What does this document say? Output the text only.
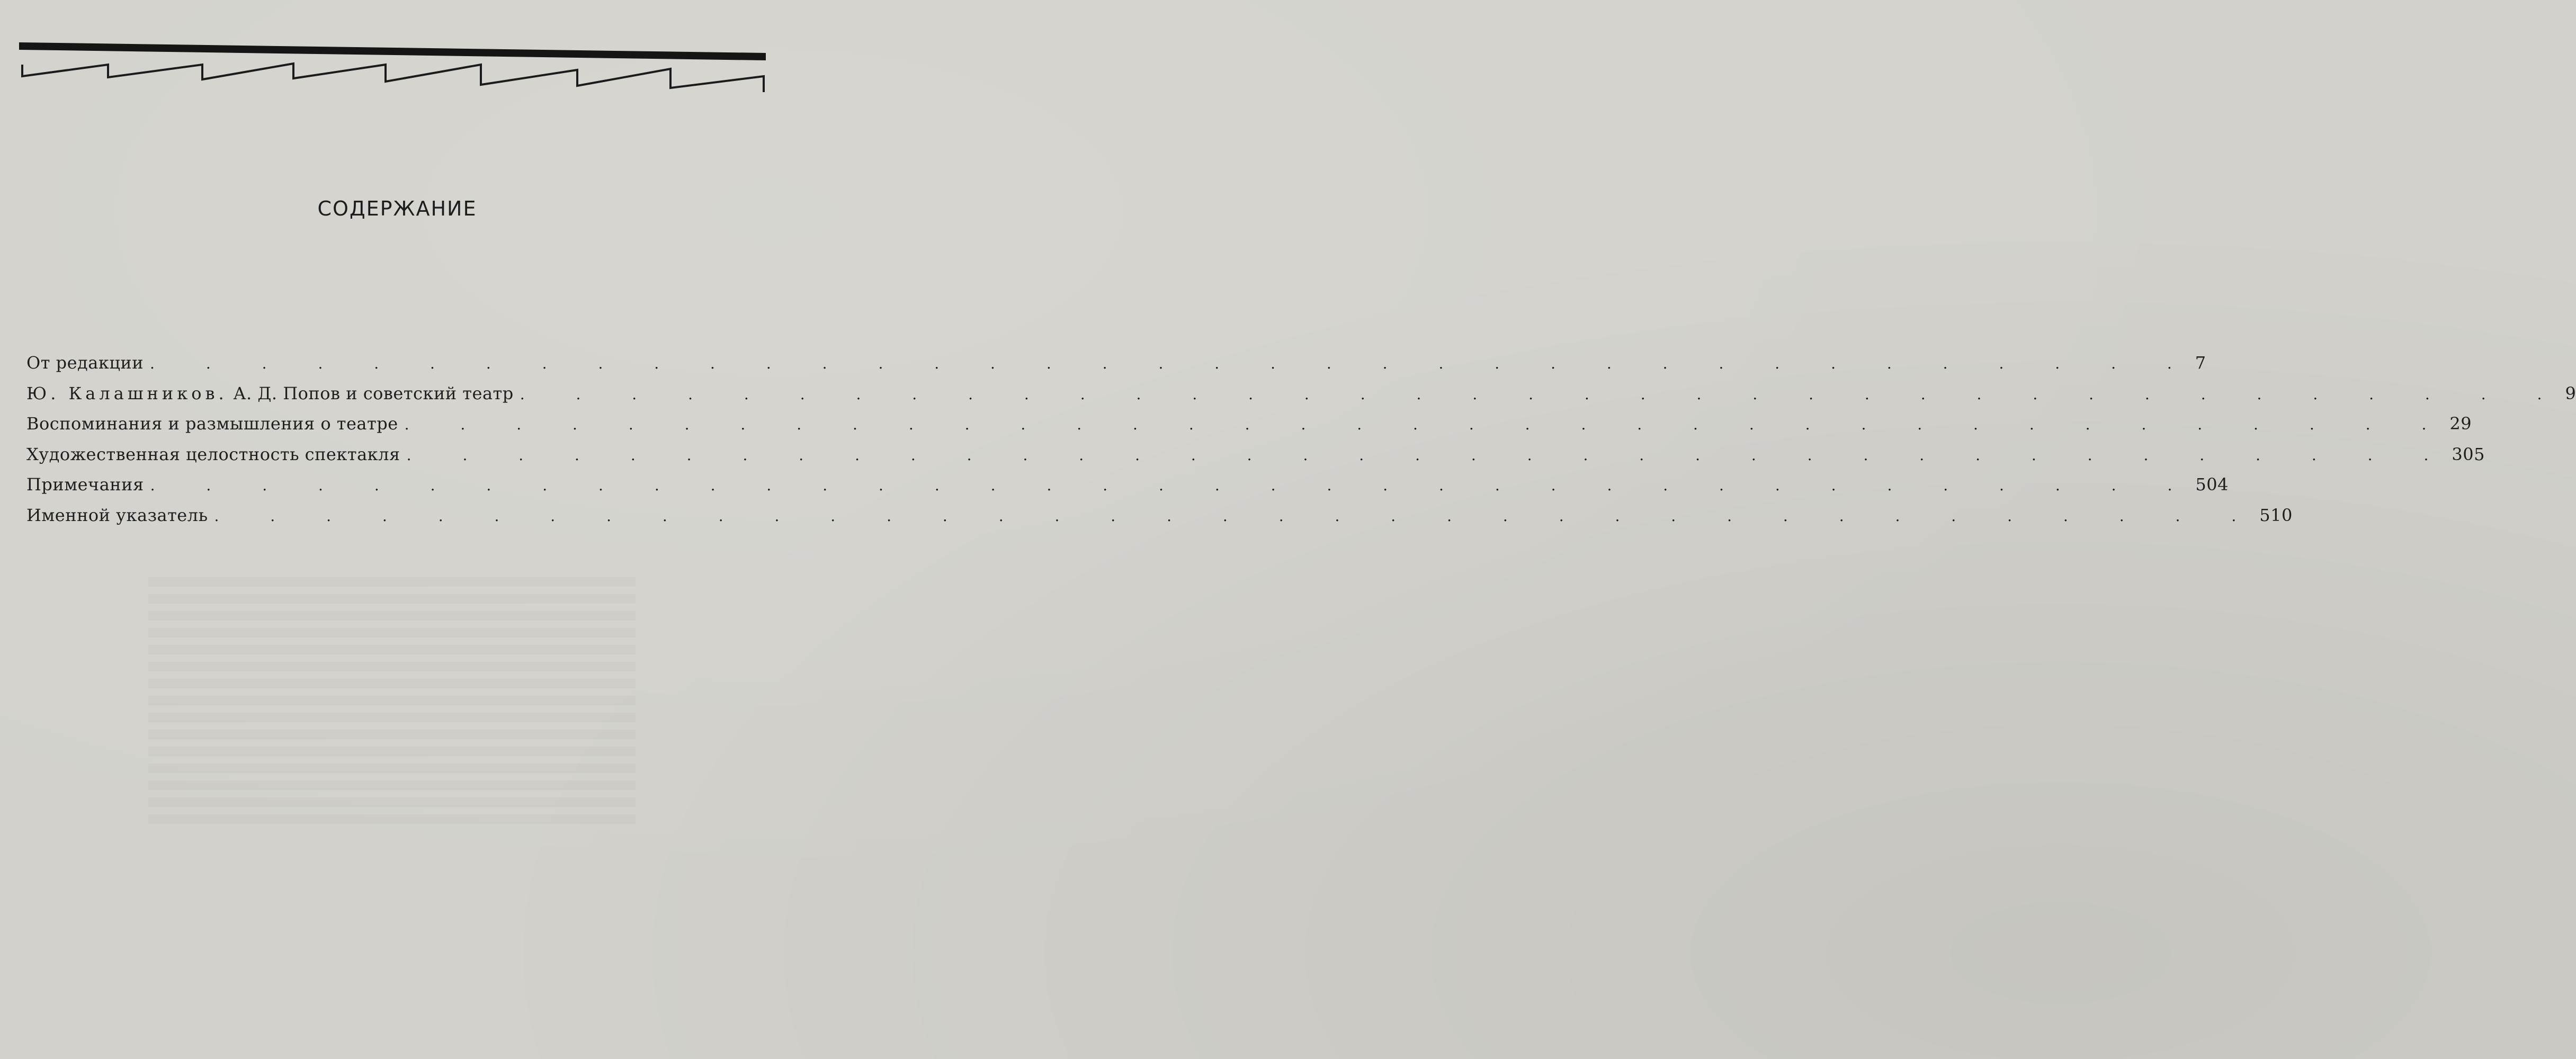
СОДЕРЖАНИЕ
От редакции . . . . . . . . . . . . . . . . . . . . . . . . . . . . . . . . . . . . . 7
Ю. Калашников. А. Д. Попов и советский театр . . . . . . . . . . . . . . . . . . . . . . . . . . . . . . . . . . . . . 9
Воспоминания и размышления о театре . . . . . . . . . . . . . . . . . . . . . . . . . . . . . . . . . . . . . 29
Художественная целостность спектакля . . . . . . . . . . . . . . . . . . . . . . . . . . . . . . . . . . . . . 305
Примечания . . . . . . . . . . . . . . . . . . . . . . . . . . . . . . . . . . . . . 504
Именной указатель . . . . . . . . . . . . . . . . . . . . . . . . . . . . . . . . . . . . . 510
